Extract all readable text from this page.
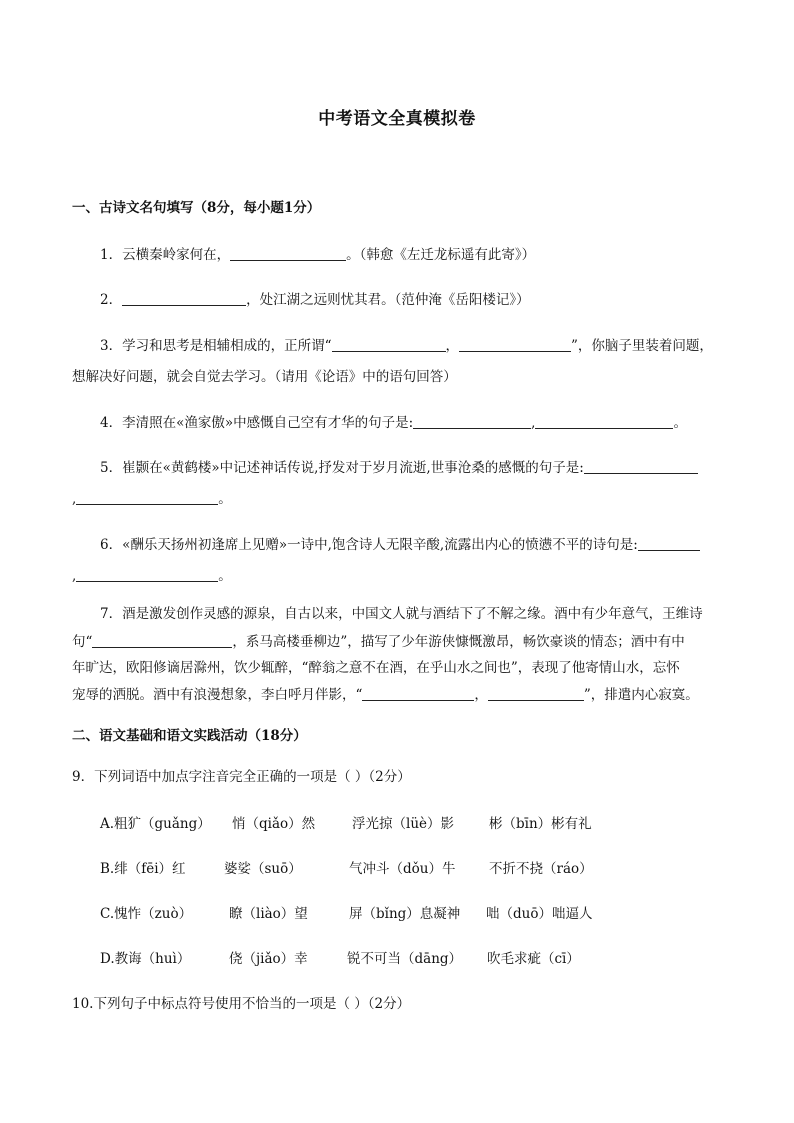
中考语文全真模拟卷
一、古诗文名句填写（8分，每小题1分）
1．云横秦岭家何在，	。（韩愈《左迁龙标遥有此寄》）
2．	，处江湖之远则忧其君。（范仲淹《岳阳楼记》）
3．学习和思考是相辅相成的，正所谓“	，	”，你脑子里装着问题，
想解决好问题，就会自觉去学习。（请用《论语》中的语句回答）
4．李清照在«渔家傲»中感慨自己空有才华的句子是:	,	。
5．崔颢在«黄鹤楼»中记述神话传说,抒发对于岁月流逝,世事沧桑的感慨的句子是:
,	。
6．«酬乐天扬州初逢席上见赠»一诗中,饱含诗人无限辛酸,流露出内心的愤懑不平的诗句是:
,	。
7．酒是激发创作灵感的源泉，自古以来，中国文人就与酒结下了不解之缘。酒中有少年意气，王维诗
句“	，系马高楼垂柳边”，描写了少年游侠慷慨激昂，畅饮豪谈的情态；酒中有中
年旷达，欧阳修谪居滁州，饮少辄醉，“醉翁之意不在酒，在乎山水之间也”，表现了他寄情山水，忘怀
宠辱的洒脱。酒中有浪漫想象，李白呼月伴影，“	，	”，排遣内心寂寞。
二、语文基础和语文实践活动（18分）
9．下列词语中加点字注音完全正确的一项是（ ）（2分）
A.粗犷（guǎng） 悄（qiǎo）然	浮光掠（lüè）影	彬（bīn）彬有礼
B.绯（fēi）红	婆娑（suō）	气冲斗（dǒu）牛 不折不挠（ráo）
C.愧怍（zuò）	瞭（liào）望	屏（bǐng）息凝神 咄（duō）咄逼人
D.教诲（huì）	侥（jiǎo）幸	锐不可当（dāng） 吹毛求疵（cī）
10.下列句子中标点符号使用不恰当的一项是（ ）（2分）
